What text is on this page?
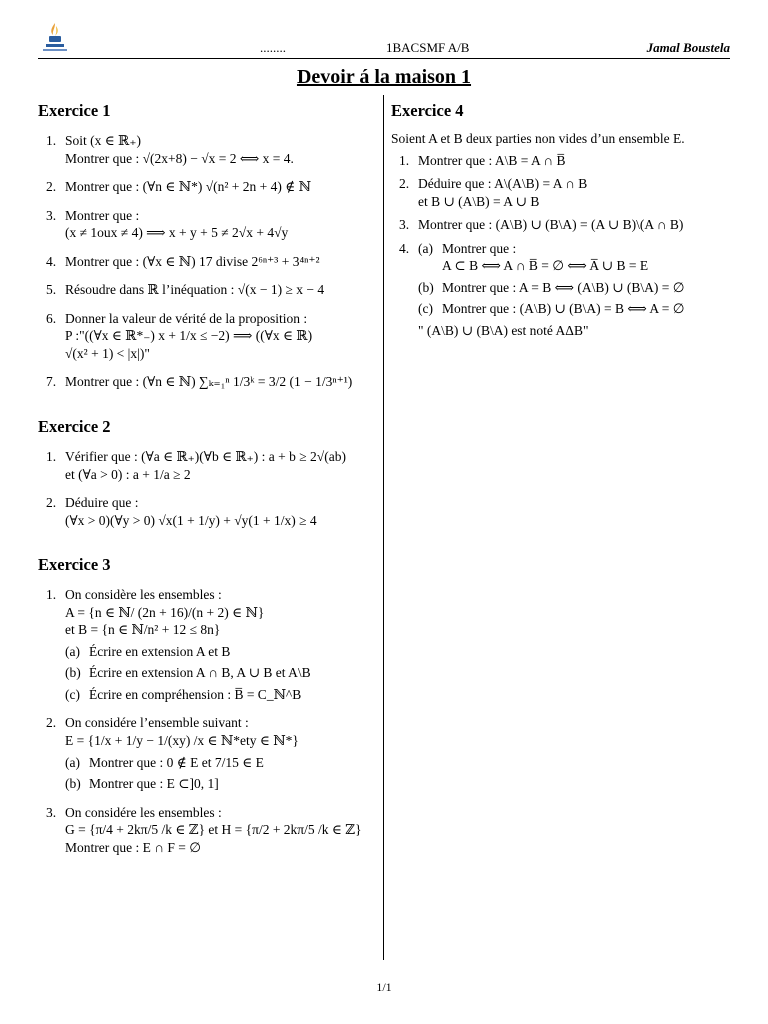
........	1BACSMF A/B	Jamal Boustela
Devoir á la maison 1
Exercice 1
1. Soit (x ∈ ℝ₊)
Montrer que : √(2x+8) − √x = 2 ⟺ x = 4.
2. Montrer que : (∀n ∈ ℕ*) √(n² + 2n + 4) ∉ ℕ
3. Montrer que :
(x ≠ 1oux ≠ 4) ⟹ x + y + 5 ≠ 2√x + 4√y
4. Montrer que : (∀x ∈ ℕ) 17 divise 2⁶ⁿ⁺³ + 3⁴ⁿ⁺²
5. Résoudre dans ℝ l’inéquation : √(x − 1) ≥ x − 4
6. Donner la valeur de vérité de la proposition :
P :"((∀x ∈ ℝ*₋) x + 1/x ≤ −2) ⟹ ((∀x ∈ ℝ)
√(x² + 1) < |x|)"
7. Montrer que : (∀n ∈ ℕ) ∑ₖ₌₁ⁿ 1/3ᵏ = 3/2 (1 − 1/3ⁿ⁺¹)
Exercice 2
1. Vérifier que : (∀a ∈ ℝ₊)(∀b ∈ ℝ₊) : a + b ≥ 2√(ab)
et (∀a > 0) : a + 1/a ≥ 2
2. Déduire que :
(∀x > 0)(∀y > 0) √x(1 + 1/y) + √y(1 + 1/x) ≥ 4
Exercice 3
1. On considère les ensembles :
A = {n ∈ ℕ/ (2n + 16)/(n + 2) ∈ ℕ}
et B = {n ∈ ℕ/n² + 12 ≤ 8n}
(a) Écrire en extension A et B
(b) Écrire en extension A ∩ B, A ∪ B et A\B
(c) Écrire en compréhension : B̅ = C_ℕ^B
2. On considére l’ensemble suivant :
E = {1/x + 1/y − 1/(xy) /x ∈ ℕ*ety ∈ ℕ*}
(a) Montrer que : 0 ∉ E et 7/15 ∈ E
(b) Montrer que : E ⊂]0, 1]
3. On considére les ensembles :
G = {π/4 + 2kπ/5 /k ∈ ℤ} et H = {π/2 + 2kπ/5 /k ∈ ℤ}
Montrer que : E ∩ F = ∅
Exercice 4
Soient A et B deux parties non vides d’un ensemble E.
1. Montrer que : A\B = A ∩ B̅
2. Déduire que : A\(A\B) = A ∩ B
et B ∪ (A\B) = A ∪ B
3. Montrer que : (A\B) ∪ (B\A) = (A ∪ B)\(A ∩ B)
4. (a) Montrer que :
A ⊂ B ⟺ A ∩ B̅ = ∅ ⟺ A̅ ∪ B = E
(b) Montrer que : A = B ⟺ (A\B) ∪ (B\A) = ∅
(c) Montrer que : (A\B) ∪ (B\A) = B ⟺ A = ∅
" (A\B) ∪ (B\A) est noté AΔB"
1/1
